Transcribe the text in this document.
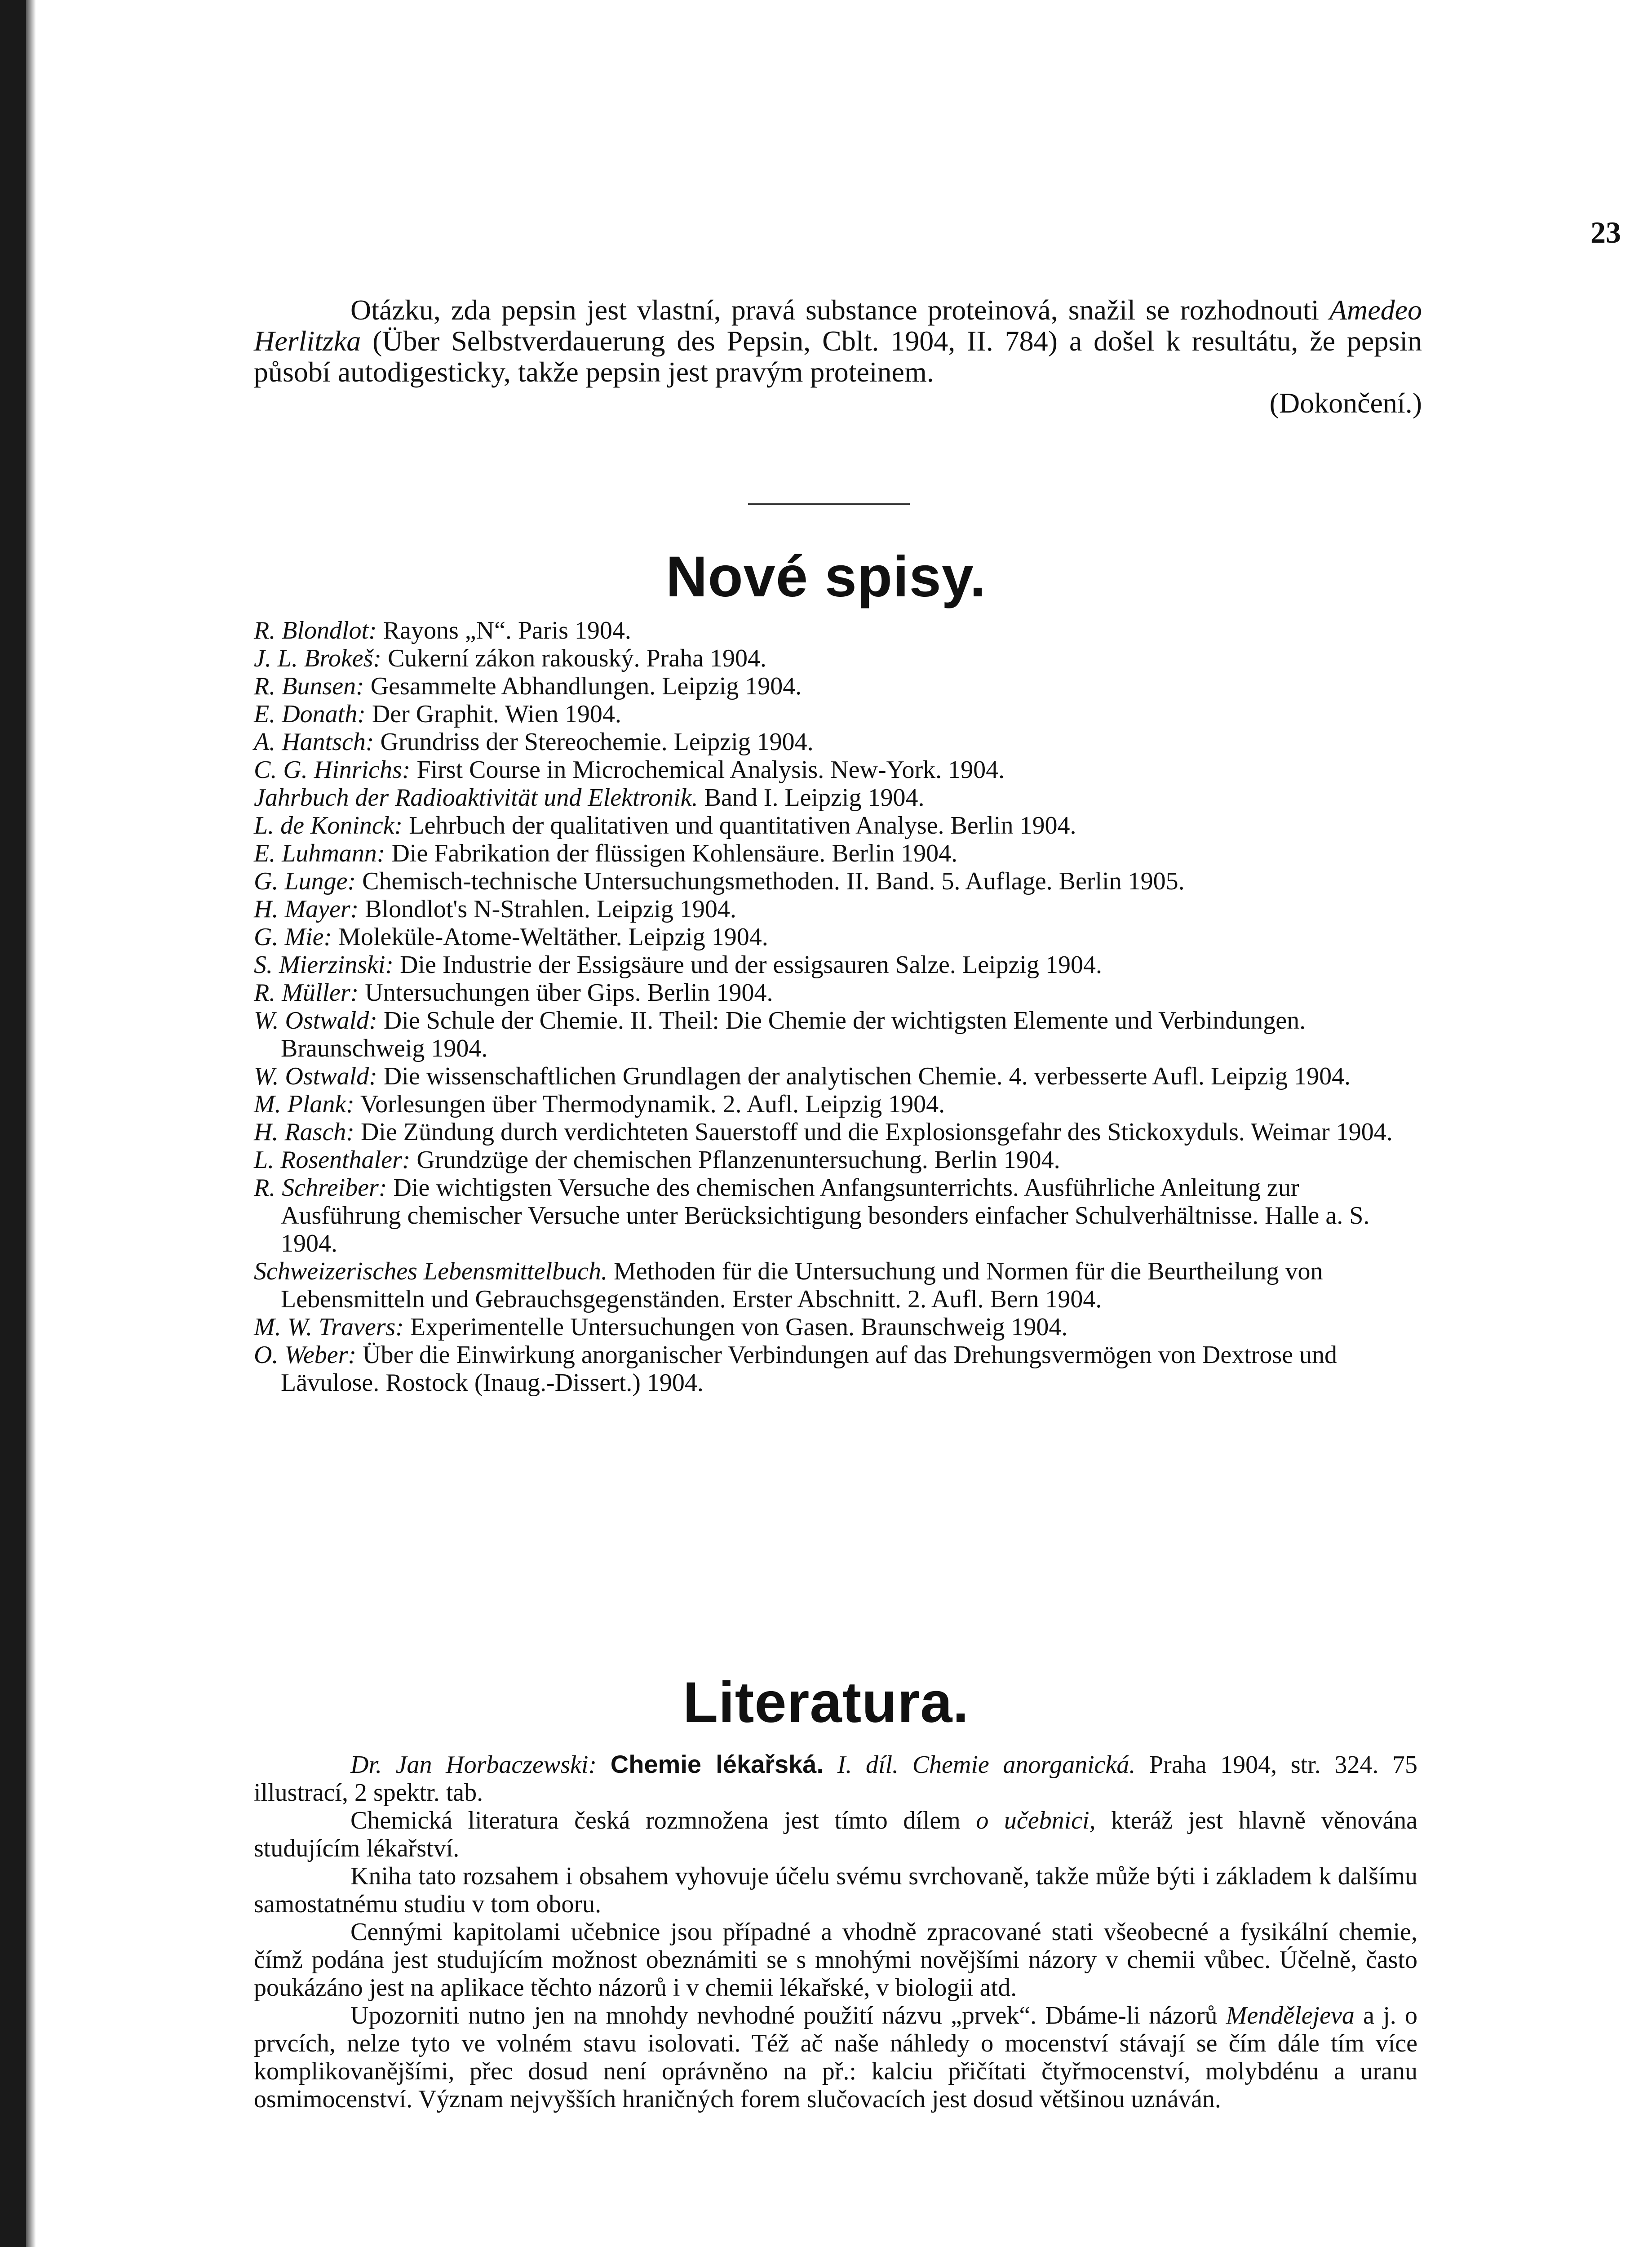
23

Otázku, zda pepsin jest vlastní, pravá substance proteinová, snažil se rozhodnouti Amedeo Herlitzka (Über Selbstverdauerung des Pepsin, Cblt. 1904, II. 784) a došel k resultátu, že pepsin působí autodigesticky, takže pepsin jest pravým proteinem.

(Dokončení.)

Nové spisy.

R. Blondlot: Rayons „N“. Paris 1904.

J. L. Brokeš: Cukerní zákon rakouský. Praha 1904.

R. Bunsen: Gesammelte Abhandlungen. Leipzig 1904.

E. Donath: Der Graphit. Wien 1904.

A. Hantsch: Grundriss der Stereochemie. Leipzig 1904.

C. G. Hinrichs: First Course in Microchemical Analysis. New-York. 1904.

Jahrbuch der Radioaktivität und Elektronik. Band I. Leipzig 1904.

L. de Koninck: Lehrbuch der qualitativen und quantitativen Analyse. Berlin 1904.

E. Luhmann: Die Fabrikation der flüssigen Kohlensäure. Berlin 1904.

G. Lunge: Chemisch-technische Untersuchungsmethoden. II. Band. 5. Auflage. Berlin 1905.

H. Mayer: Blondlot's N-Strahlen. Leipzig 1904.

G. Mie: Moleküle-Atome-Weltäther. Leipzig 1904.

S. Mierzinski: Die Industrie der Essigsäure und der essigsauren Salze. Leipzig 1904.

R. Müller: Untersuchungen über Gips. Berlin 1904.

W. Ostwald: Die Schule der Chemie. II. Theil: Die Chemie der wichtigsten Elemente und Verbindungen. Braunschweig 1904.

W. Ostwald: Die wissenschaftlichen Grundlagen der analytischen Chemie. 4. verbesserte Aufl. Leipzig 1904.

M. Plank: Vorlesungen über Thermodynamik. 2. Aufl. Leipzig 1904.

H. Rasch: Die Zündung durch verdichteten Sauerstoff und die Explosionsgefahr des Stickoxyduls. Weimar 1904.

L. Rosenthaler: Grundzüge der chemischen Pflanzenuntersuchung. Berlin 1904.

R. Schreiber: Die wichtigsten Versuche des chemischen Anfangsunterrichts. Ausführliche Anleitung zur Ausführung chemischer Versuche unter Berücksichtigung besonders einfacher Schulverhältnisse. Halle a. S. 1904.

Schweizerisches Lebensmittelbuch. Methoden für die Untersuchung und Normen für die Beurtheilung von Lebensmitteln und Gebrauchsgegenständen. Erster Abschnitt. 2. Aufl. Bern 1904.

M. W. Travers: Experimentelle Untersuchungen von Gasen. Braunschweig 1904.

O. Weber: Über die Einwirkung anorganischer Verbindungen auf das Drehungsvermögen von Dextrose und Lävulose. Rostock (Inaug.-Dissert.) 1904.

Literatura.

Dr. Jan Horbaczewski: Chemie lékařská. I. díl. Chemie anorganická. Praha 1904, str. 324. 75 illustrací, 2 spektr. tab.

Chemická literatura česká rozmnožena jest tímto dílem o učebnici, kteráž jest hlavně věnována studujícím lékařství.

Kniha tato rozsahem i obsahem vyhovuje účelu svému svrchovaně, takže může býti i základem k dalšímu samostatnému studiu v tom oboru.

Cennými kapitolami učebnice jsou případné a vhodně zpracované stati všeobecné a fysikální chemie, čímž podána jest studujícím možnost obeznámiti se s mnohými novějšími názory v chemii vůbec. Účelně, často poukázáno jest na aplikace těchto názorů i v chemii lékařské, v biologii atd.

Upozorniti nutno jen na mnohdy nevhodné použití názvu „prvek“. Dbáme-li názorů Mendělejeva a j. o prvcích, nelze tyto ve volném stavu isolovati. Též ač naše náhledy o mocenství stávají se čím dále tím více komplikovanějšími, přec dosud není oprávněno na př.: kalciu přičítati čtyřmocenství, molybdénu a uranu osmimocenství. Význam nejvyšších hraničných forem slučovacích jest dosud většinou uznáván.
